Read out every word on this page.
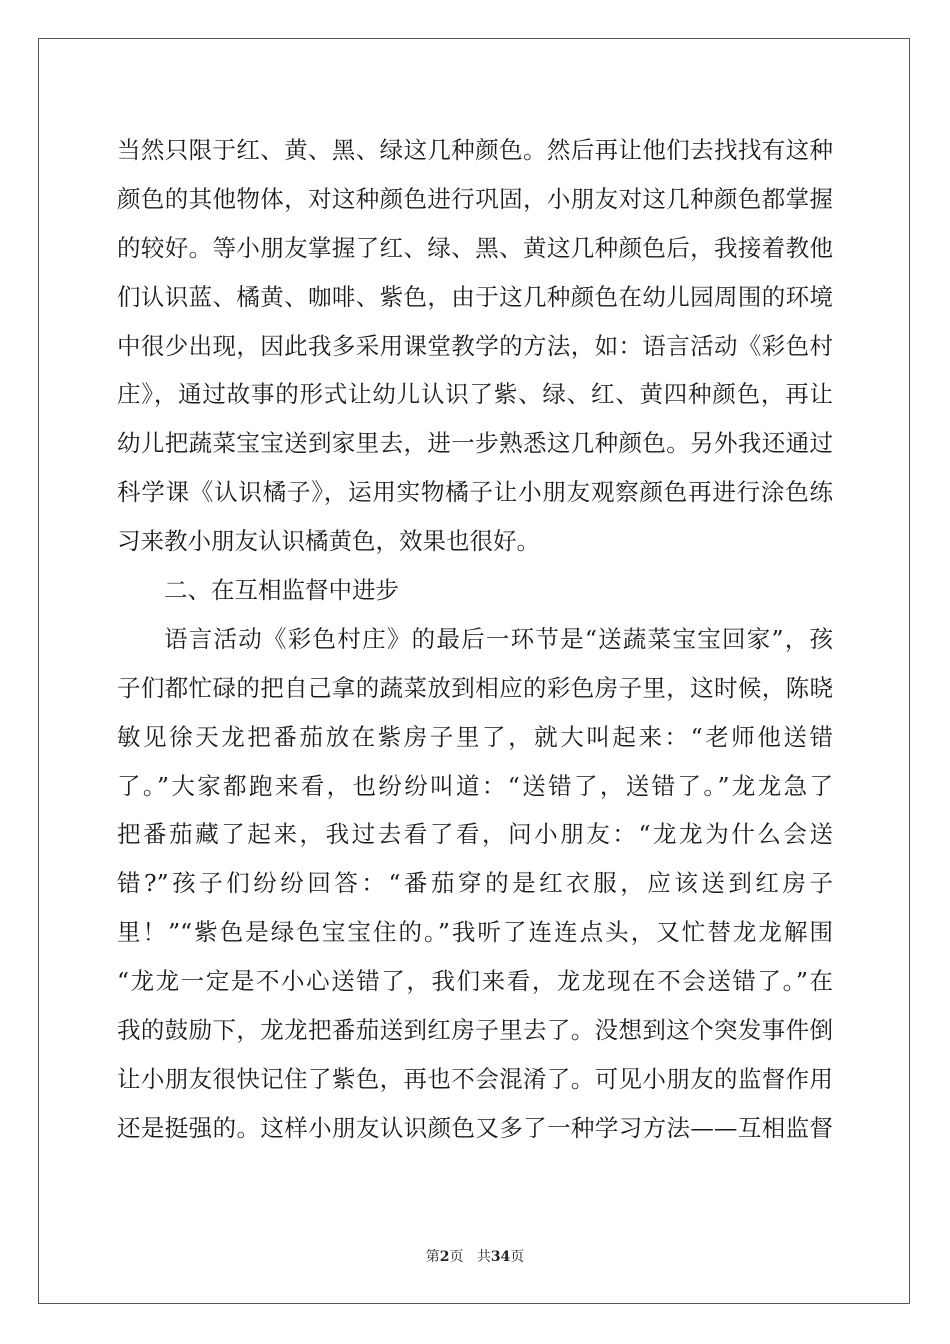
当然只限于红、黄、黑、绿这几种颜色。然后再让他们去找找有这种
颜色的其他物体，对这种颜色进行巩固，小朋友对这几种颜色都掌握
的较好。等小朋友掌握了红、绿、黑、黄这几种颜色后，我接着教他
们认识蓝、橘黄、咖啡、紫色，由于这几种颜色在幼儿园周围的环境
中很少出现，因此我多采用课堂教学的方法，如：语言活动《彩色村
庄》，通过故事的形式让幼儿认识了紫、绿、红、黄四种颜色，再让
幼儿把蔬菜宝宝送到家里去，进一步熟悉这几种颜色。另外我还通过
科学课《认识橘子》，运用实物橘子让小朋友观察颜色再进行涂色练
习来教小朋友认识橘黄色，效果也很好。
二、在互相监督中进步
语言活动《彩色村庄》的最后一环节是“送蔬菜宝宝回家”，孩
子们都忙碌的把自己拿的蔬菜放到相应的彩色房子里，这时候，陈晓
敏见徐天龙把番茄放在紫房子里了，就大叫起来：“老师他送错
了。”大家都跑来看，也纷纷叫道：“送错了，送错了。”龙龙急了
把番茄藏了起来，我过去看了看，问小朋友：“龙龙为什么会送
错?”孩子们纷纷回答：“番茄穿的是红衣服，应该送到红房子
里！”“紫色是绿色宝宝住的。”我听了连连点头，又忙替龙龙解围
“龙龙一定是不小心送错了，我们来看，龙龙现在不会送错了。”在
我的鼓励下，龙龙把番茄送到红房子里去了。没想到这个突发事件倒
让小朋友很快记住了紫色，再也不会混淆了。可见小朋友的监督作用
还是挺强的。这样小朋友认识颜色又多了一种学习方法——互相监督
第2页 共34页
